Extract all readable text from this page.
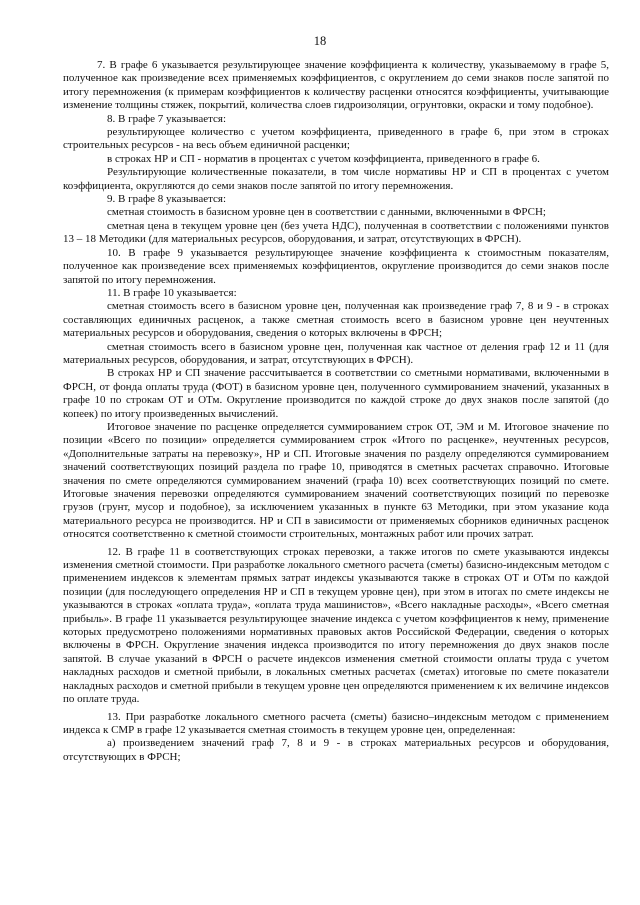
18

7. В графе 6 указывается результирующее значение коэффициента к количеству, указываемому в графе 5, полученное как произведение всех применяемых коэффициентов, с округлением до семи знаков после запятой по итогу перемножения (к примерам коэффициентов к количеству расценки относятся коэффициенты, учитывающие изменение толщины стяжек, покрытий, количества слоев гидроизоляции, огрунтовки, окраски и тому подобное).

8. В графе 7 указывается:

результирующее количество с учетом коэффициента, приведенного в графе 6, при этом в строках строительных ресурсов - на весь объем единичной расценки;

в строках НР и СП - норматив в процентах с учетом коэффициента, приведенного в графе 6.

Результирующие количественные показатели, в том числе нормативы НР и СП в процентах с учетом коэффициента, округляются до семи знаков после запятой по итогу перемножения.

9. В графе 8 указывается:

сметная стоимость в базисном уровне цен в соответствии с данными, включенными в ФРСН;

сметная цена в текущем уровне цен (без учета НДС), полученная в соответствии с положениями пунктов 13 – 18 Методики (для материальных ресурсов, оборудования, и затрат, отсутствующих в ФРСН).

10. В графе 9 указывается результирующее значение коэффициента к стоимостным показателям, полученное как произведение всех применяемых коэффициентов, округление производится до семи знаков после запятой по итогу перемножения.

11. В графе 10 указывается:

сметная стоимость всего в базисном уровне цен, полученная как произведение граф 7, 8 и 9 - в строках составляющих единичных расценок, а также сметная стоимость всего в базисном уровне цен неучтенных материальных ресурсов и оборудования, сведения о которых включены в ФРСН;

сметная стоимость всего в базисном уровне цен, полученная как частное от деления граф 12 и 11 (для материальных ресурсов, оборудования, и затрат, отсутствующих в ФРСН).

В строках НР и СП значение рассчитывается в соответствии со сметными нормативами, включенными в ФРСН, от фонда оплаты труда (ФОТ) в базисном уровне цен, полученного суммированием значений, указанных в графе 10 по строкам ОТ и ОТм. Округление производится по каждой строке до двух знаков после запятой (до копеек) по итогу произведенных вычислений.

Итоговое значение по расценке определяется суммированием строк ОТ, ЭМ и М. Итоговое значение по позиции «Всего по позиции» определяется суммированием строк «Итого по расценке», неучтенных ресурсов, «Дополнительные затраты на перевозку», НР и СП. Итоговые значения по разделу определяются суммированием значений соответствующих позиций раздела по графе 10, приводятся в сметных расчетах справочно. Итоговые значения по смете определяются суммированием значений (графа 10) всех соответствующих позиций по смете. Итоговые значения перевозки определяются суммированием значений соответствующих позиций по перевозке грузов (грунт, мусор и подобное), за исключением указанных в пункте 63 Методики, при этом указание кода материального ресурса не производится. НР и СП в зависимости от применяемых сборников единичных расценок относятся соответственно к сметной стоимости строительных, монтажных работ или прочих затрат.

12. В графе 11 в соответствующих строках перевозки, а также итогов по смете указываются индексы изменения сметной стоимости. При разработке локального сметного расчета (сметы) базисно-индексным методом с применением индексов к элементам прямых затрат индексы указываются также в строках ОТ и ОТм по каждой позиции (для последующего определения НР и СП в текущем уровне цен), при этом в итогах по смете индексы не указываются в строках «оплата труда», «оплата труда машинистов», «Всего накладные расходы», «Всего сметная прибыль». В графе 11 указывается результирующее значение индекса с учетом коэффициентов к нему, применение которых предусмотрено положениями нормативных правовых актов Российской Федерации, сведения о которых включены в ФРСН. Округление значения индекса производится по итогу перемножения до двух знаков после запятой. В случае указаний в ФРСН о расчете индексов изменения сметной стоимости оплаты труда с учетом накладных расходов и сметной прибыли, в локальных сметных расчетах (сметах) итоговые по смете показатели накладных расходов и сметной прибыли в текущем уровне цен определяются применением к их величине индексов по оплате труда.

13. При разработке локального сметного расчета (сметы) базисно–индексным методом с применением индекса к СМР в графе 12 указывается сметная стоимость в текущем уровне цен, определенная:

а) произведением значений граф 7, 8 и 9 - в строках материальных ресурсов и оборудования, отсутствующих в ФРСН;
